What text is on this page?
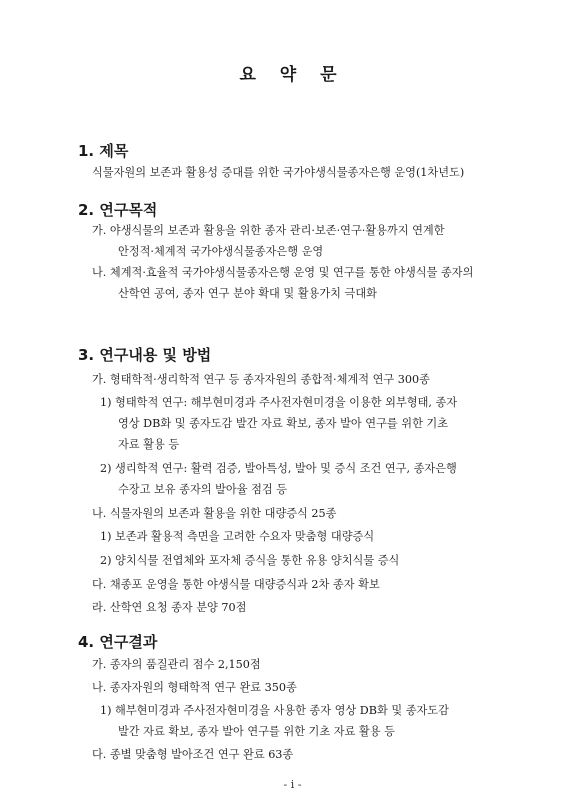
요 약 문
1. 제목
식물자원의 보존과 활용성 증대를 위한 국가야생식물종자은행 운영(1차년도)
2. 연구목적
가. 야생식물의 보존과 활용을 위한 종자 관리·보존·연구·활용까지 연계한
안정적·체계적 국가야생식물종자은행 운영
나. 체계적·효율적 국가야생식물종자은행 운영 및 연구를 통한 야생식물 종자의
산학연 공여, 종자 연구 분야 확대 및 활용가치 극대화
3. 연구내용 및 방법
가. 형태학적·생리학적 연구 등 종자자원의 종합적·체계적 연구 300종
1) 형태학적 연구: 해부현미경과 주사전자현미경을 이용한 외부형태, 종자
영상 DB화 및 종자도감 발간 자료 확보, 종자 발아 연구를 위한 기초
자료 활용 등
2) 생리학적 연구: 활력 검증, 발아특성, 발아 및 증식 조건 연구, 종자은행
수장고 보유 종자의 발아율 점검 등
나. 식물자원의 보존과 활용을 위한 대량증식 25종
1) 보존과 활용적 측면을 고려한 수요자 맞춤형 대량증식
2) 양치식물 전엽체와 포자체 증식을 통한 유용 양치식물 증식
다. 채종포 운영을 통한 야생식물 대량증식과 2차 종자 확보
라. 산학연 요청 종자 분양 70점
4. 연구결과
가. 종자의 품질관리 점수 2,150점
나. 종자자원의 형태학적 연구 완료 350종
1) 해부현미경과 주사전자현미경을 사용한 종자 영상 DB화 및 종자도감
발간 자료 확보, 종자 발아 연구를 위한 기초 자료 활용 등
다. 종별 맞춤형 발아조건 연구 완료 63종
- i -
